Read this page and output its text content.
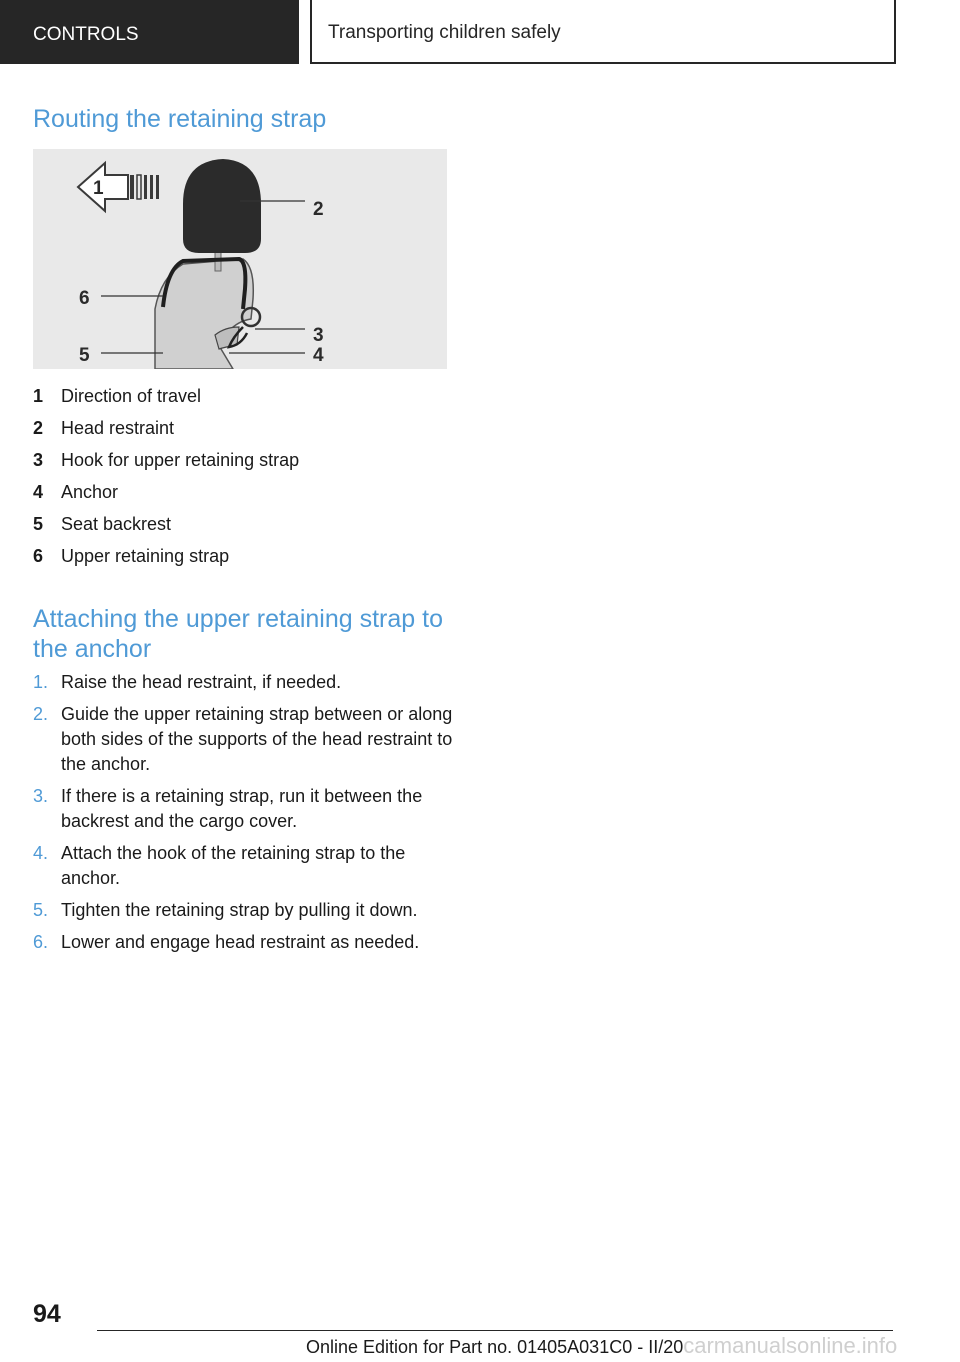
CONTROLS	Transporting children safely
Routing the retaining strap
1
2
6
3
5	4
1 Direction of travel
2 Head restraint
3 Hook for upper retaining strap
4 Anchor
5 Seat backrest
6 Upper retaining strap
Attaching the upper retaining strap to
the anchor
1. Raise the head restraint, if needed.
2. Guide the upper retaining strap between or along both sides of the supports of the head restraint to the anchor.
3. If there is a retaining strap, run it between the backrest and the cargo cover.
4. Attach the hook of the retaining strap to the anchor.
5. Tighten the retaining strap by pulling it down.
6. Lower and engage head restraint as needed.
94
Online Edition for Part no. 01405A031C0 - II/20carmanualsonline.info
